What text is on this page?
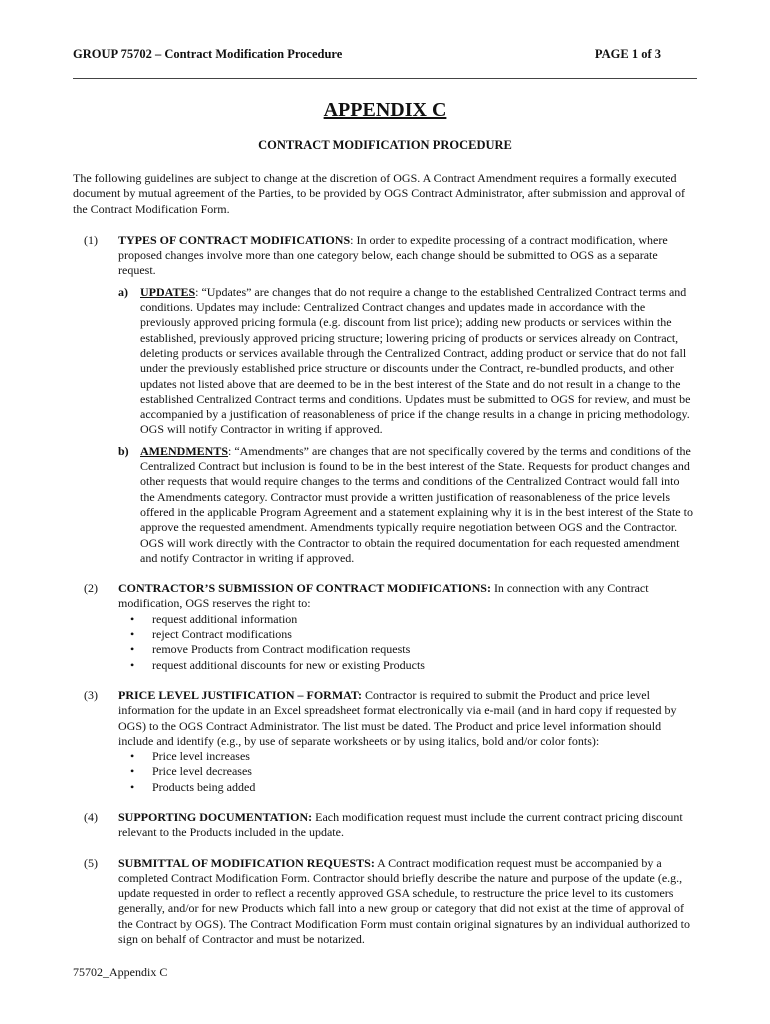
GROUP 75702 – Contract Modification Procedure	PAGE 1 of 3
APPENDIX C
CONTRACT MODIFICATION PROCEDURE

The following guidelines are subject to change at the discretion of OGS. A Contract Amendment requires a formally executed document by mutual agreement of the Parties, to be provided by OGS Contract Administrator, after submission and approval of the Contract Modification Form.

(1) TYPES OF CONTRACT MODIFICATIONS: In order to expedite processing of a contract modification, where proposed changes involve more than one category below, each change should be submitted to OGS as a separate request.

a) UPDATES: “Updates” are changes that do not require a change to the established Centralized Contract terms and conditions. Updates may include: Centralized Contract changes and updates made in accordance with the previously approved pricing formula (e.g. discount from list price); adding new products or services within the established, previously approved pricing structure; lowering pricing of products or services already on Contract, deleting products or services available through the Centralized Contract, adding product or service that do not fall under the previously established price structure or discounts under the Contract, re-bundled products, and other updates not listed above that are deemed to be in the best interest of the State and do not result in a change to the established Centralized Contract terms and conditions. Updates must be submitted to OGS for review, and must be accompanied by a justification of reasonableness of price if the change results in a change in pricing methodology. OGS will notify Contractor in writing if approved.

b) AMENDMENTS: “Amendments” are changes that are not specifically covered by the terms and conditions of the Centralized Contract but inclusion is found to be in the best interest of the State. Requests for product changes and other requests that would require changes to the terms and conditions of the Centralized Contract would fall into the Amendments category. Contractor must provide a written justification of reasonableness of the price levels offered in the applicable Program Agreement and a statement explaining why it is in the best interest of the State to approve the requested amendment. Amendments typically require negotiation between OGS and the Contractor. OGS will work directly with the Contractor to obtain the required documentation for each requested amendment and notify Contractor in writing if approved.

(2) CONTRACTOR’S SUBMISSION OF CONTRACT MODIFICATIONS: In connection with any Contract modification, OGS reserves the right to:

• request additional information
• reject Contract modifications
• remove Products from Contract modification requests
• request additional discounts for new or existing Products
(3) PRICE LEVEL JUSTIFICATION – FORMAT: Contractor is required to submit the Product and price level information for the update in an Excel spreadsheet format electronically via e-mail (and in hard copy if requested by OGS) to the OGS Contract Administrator. The list must be dated. The Product and price level information should include and identify (e.g., by use of separate worksheets or by using italics, bold and/or color fonts):

• Price level increases
• Price level decreases
• Products being added
(4) SUPPORTING DOCUMENTATION: Each modification request must include the current contract pricing discount relevant to the Products included in the update.

(5) SUBMITTAL OF MODIFICATION REQUESTS: A Contract modification request must be accompanied by a completed Contract Modification Form. Contractor should briefly describe the nature and purpose of the update (e.g., update requested in order to reflect a recently approved GSA schedule, to restructure the price level to its customers generally, and/or for new Products which fall into a new group or category that did not exist at the time of approval of the Contract by OGS). The Contract Modification Form must contain original signatures by an individual authorized to sign on behalf of Contractor and must be notarized.

75702_Appendix C
